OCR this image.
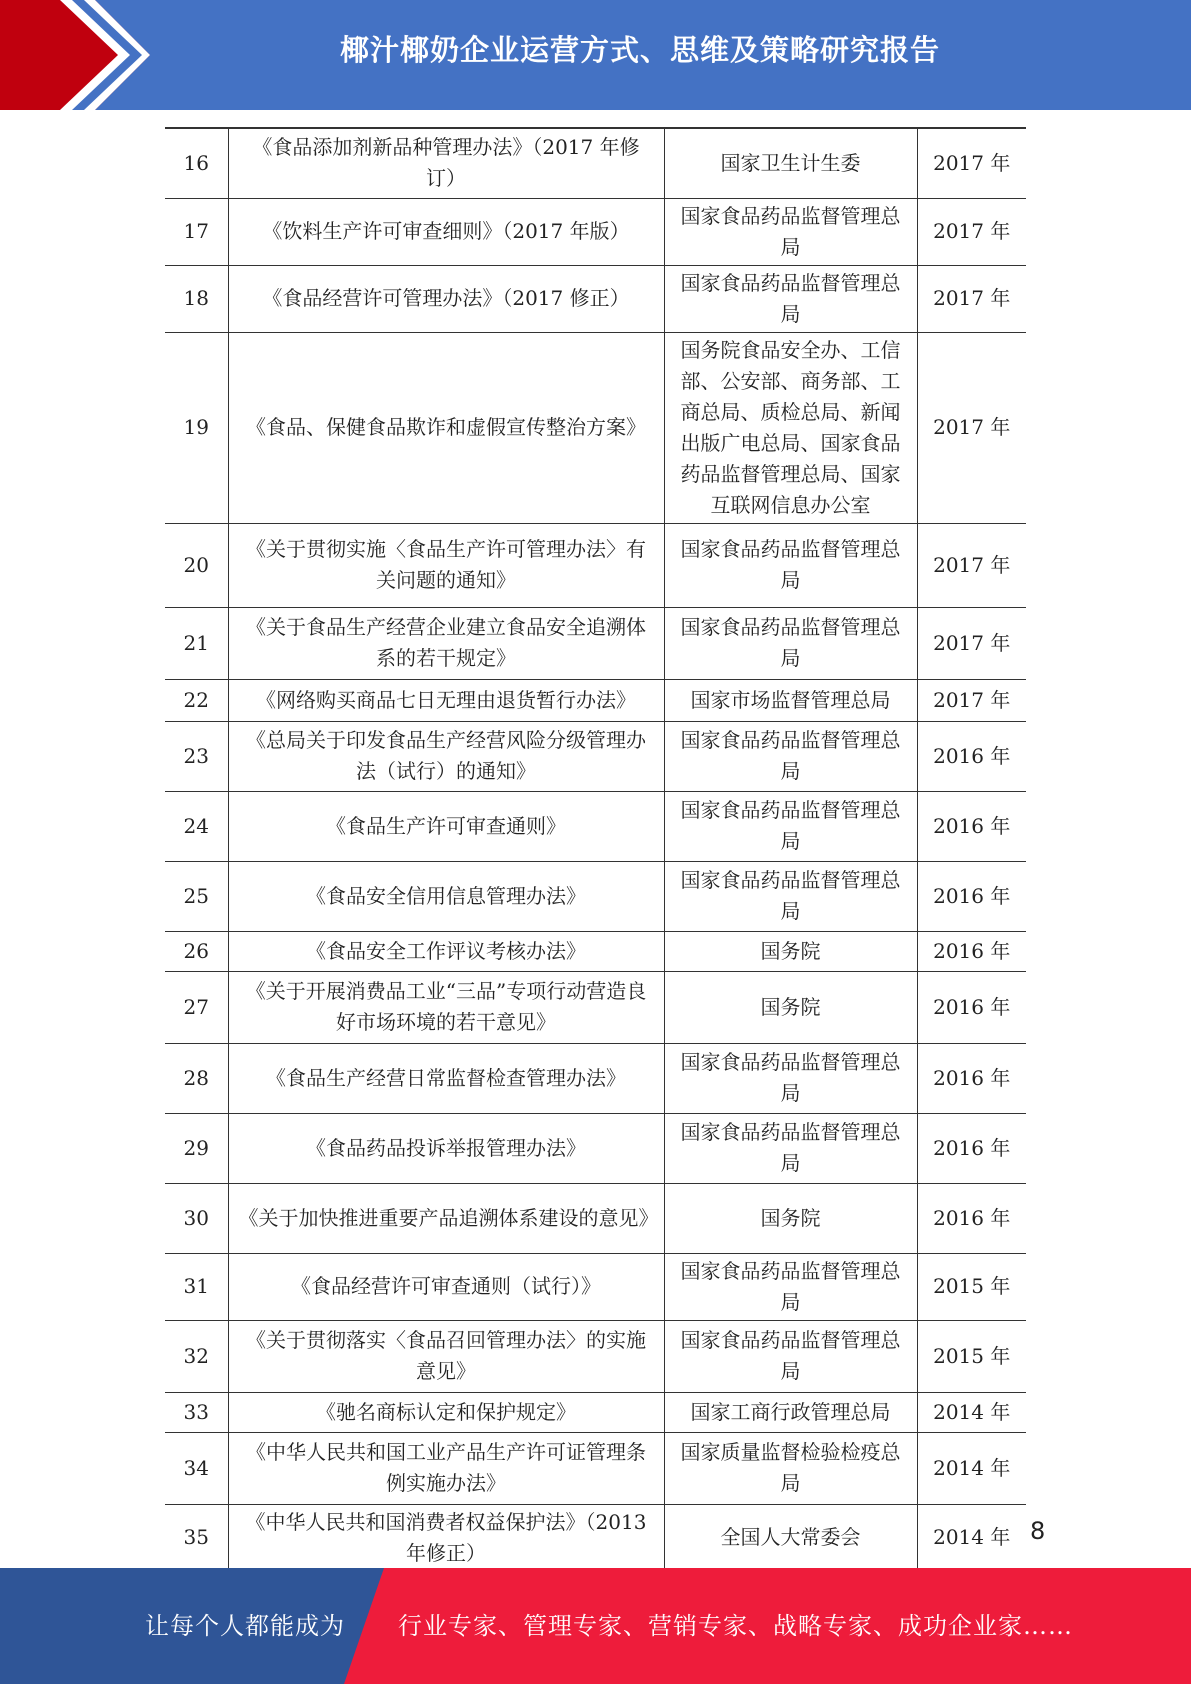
椰汁椰奶企业运营方式、思维及策略研究报告
16	《食品添加剂新品种管理办法》（2017 年修订）	国家卫生计生委	2017 年
17	《饮料生产许可审查细则》（2017 年版）	国家食品药品监督管理总局	2017 年
18	《食品经营许可管理办法》（2017 修正）	国家食品药品监督管理总局	2017 年
19	《食品、保健食品欺诈和虚假宣传整治方案》	国务院食品安全办、工信部、公安部、商务部、工商总局、质检总局、新闻出版广电总局、国家食品药品监督管理总局、国家互联网信息办公室	2017 年
20	《关于贯彻实施〈食品生产许可管理办法〉有关问题的通知》	国家食品药品监督管理总局	2017 年
21	《关于食品生产经营企业建立食品安全追溯体系的若干规定》	国家食品药品监督管理总局	2017 年
22	《网络购买商品七日无理由退货暂行办法》	国家市场监督管理总局	2017 年
23	《总局关于印发食品生产经营风险分级管理办法（试行）的通知》	国家食品药品监督管理总局	2016 年
24	《食品生产许可审查通则》	国家食品药品监督管理总局	2016 年
25	《食品安全信用信息管理办法》	国家食品药品监督管理总局	2016 年
26	《食品安全工作评议考核办法》	国务院	2016 年
27	《关于开展消费品工业“三品”专项行动营造良好市场环境的若干意见》	国务院	2016 年
28	《食品生产经营日常监督检查管理办法》	国家食品药品监督管理总局	2016 年
29	《食品药品投诉举报管理办法》	国家食品药品监督管理总局	2016 年
30	《关于加快推进重要产品追溯体系建设的意见》	国务院	2016 年
31	《食品经营许可审查通则（试行）》	国家食品药品监督管理总局	2015 年
32	《关于贯彻落实〈食品召回管理办法〉的实施意见》	国家食品药品监督管理总局	2015 年
33	《驰名商标认定和保护规定》	国家工商行政管理总局	2014 年
34	《中华人民共和国工业产品生产许可证管理条例实施办法》	国家质量监督检验检疫总局	2014 年
35	《中华人民共和国消费者权益保护法》（2013 年修正）	全国人大常委会	2014 年 8
让每个人都能成为 行业专家、管理专家、营销专家、战略专家、成功企业家……
